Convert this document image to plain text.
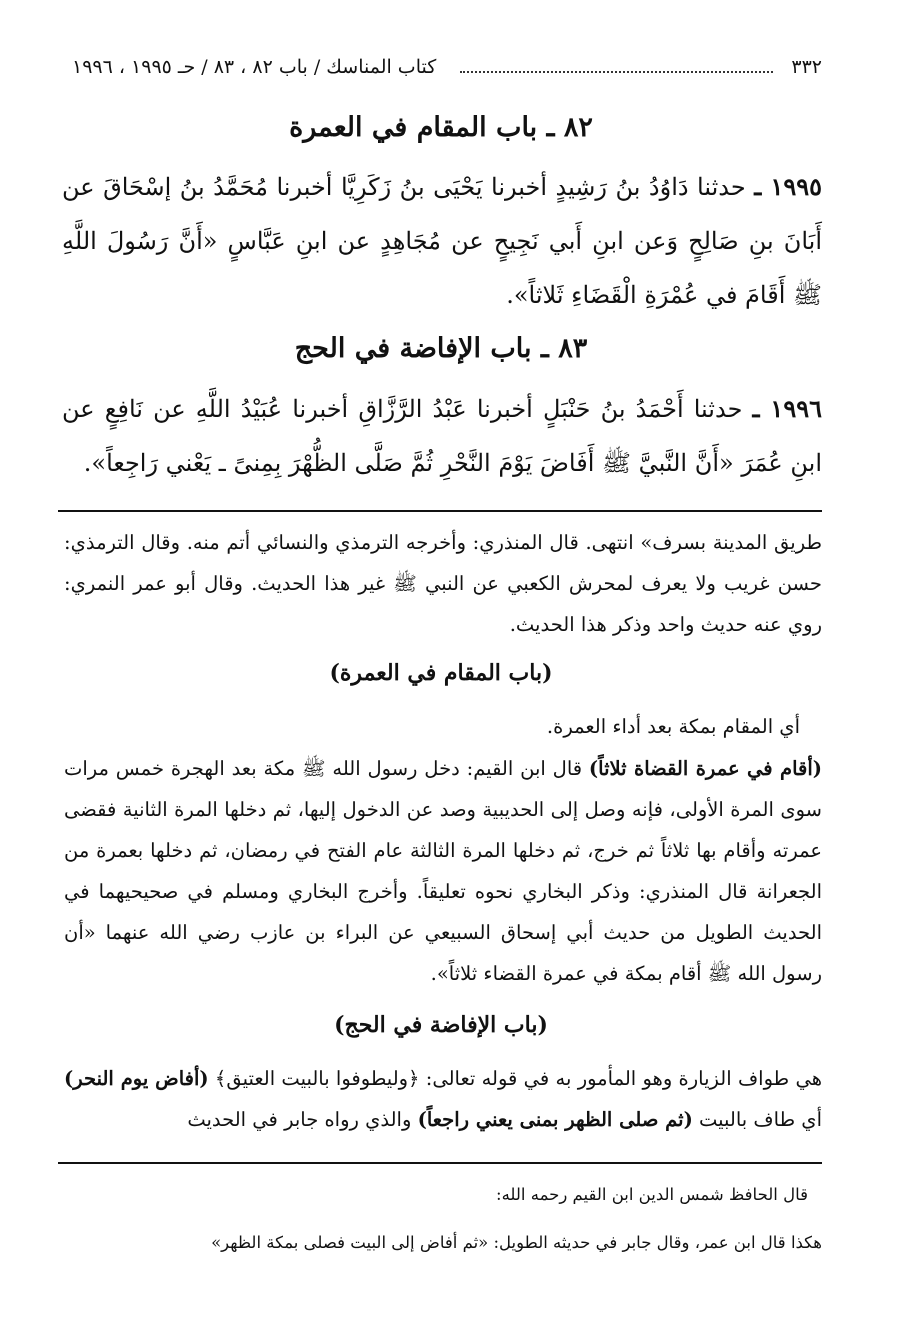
٣٣٢
كتاب المناسك / باب ٨٢ ، ٨٣ / حـ ١٩٩٥ ، ١٩٩٦
٨٢ ـ باب المقام في العمرة
١٩٩٥ ـ حدثنا دَاوُدُ بنُ رَشِيدٍ أخبرنا يَحْيَى بنُ زَكَرِيَّا أخبرنا مُحَمَّدُ بنُ إسْحَاقَ عن أَبَانَ بنِ صَالِحٍ وَعن ابنِ أَبي نَجِيحٍ عن مُجَاهِدٍ عن ابنِ عَبَّاسٍ «أَنَّ رَسُولَ اللَّهِ ﷺ أَقَامَ في عُمْرَةِ الْقَضَاءِ ثَلاثاً».
٨٣ ـ باب الإفاضة في الحج
١٩٩٦ ـ حدثنا أَحْمَدُ بنُ حَنْبَلٍ أخبرنا عَبْدُ الرَّزَّاقِ أخبرنا عُبَيْدُ اللَّهِ عن نَافِعٍ عن ابنِ عُمَرَ «أَنَّ النَّبيَّ ﷺ أَفَاضَ يَوْمَ النَّحْرِ ثُمَّ صَلَّى الظُّهْرَ بِمِنىً ـ يَعْني رَاجِعاً».
طريق المدينة بسرف» انتهى. قال المنذري: وأخرجه الترمذي والنسائي أتم منه. وقال الترمذي: حسن غريب ولا يعرف لمحرش الكعبي عن النبي ﷺ غير هذا الحديث. وقال أبو عمر النمري: روي عنه حديث واحد وذكر هذا الحديث.
(باب المقام في العمرة)
أي المقام بمكة بعد أداء العمرة.
(أقام في عمرة القضاة ثلاثاً) قال ابن القيم: دخل رسول الله ﷺ مكة بعد الهجرة خمس مرات سوى المرة الأولى، فإنه وصل إلى الحديبية وصد عن الدخول إليها، ثم دخلها المرة الثانية فقضى عمرته وأقام بها ثلاثاً ثم خرج، ثم دخلها المرة الثالثة عام الفتح في رمضان، ثم دخلها بعمرة من الجعرانة قال المنذري: وذكر البخاري نحوه تعليقاً. وأخرج البخاري ومسلم في صحيحيهما في الحديث الطويل من حديث أبي إسحاق السبيعي عن البراء بن عازب رضي الله عنهما «أن رسول الله ﷺ أقام بمكة في عمرة القضاء ثلاثاً».
(باب الإفاضة في الحج)
هي طواف الزيارة وهو المأمور به في قوله تعالى: ﴿وليطوفوا بالبيت العتيق﴾ (أفاض يوم النحر) أي طاف بالبيت (ثم صلى الظهر بمنى يعني راجعاً) والذي رواه جابر في الحديث
قال الحافظ شمس الدين ابن القيم رحمه الله:
هكذا قال ابن عمر، وقال جابر في حديثه الطويل: «ثم أفاض إلى البيت فصلى بمكة الظهر»
